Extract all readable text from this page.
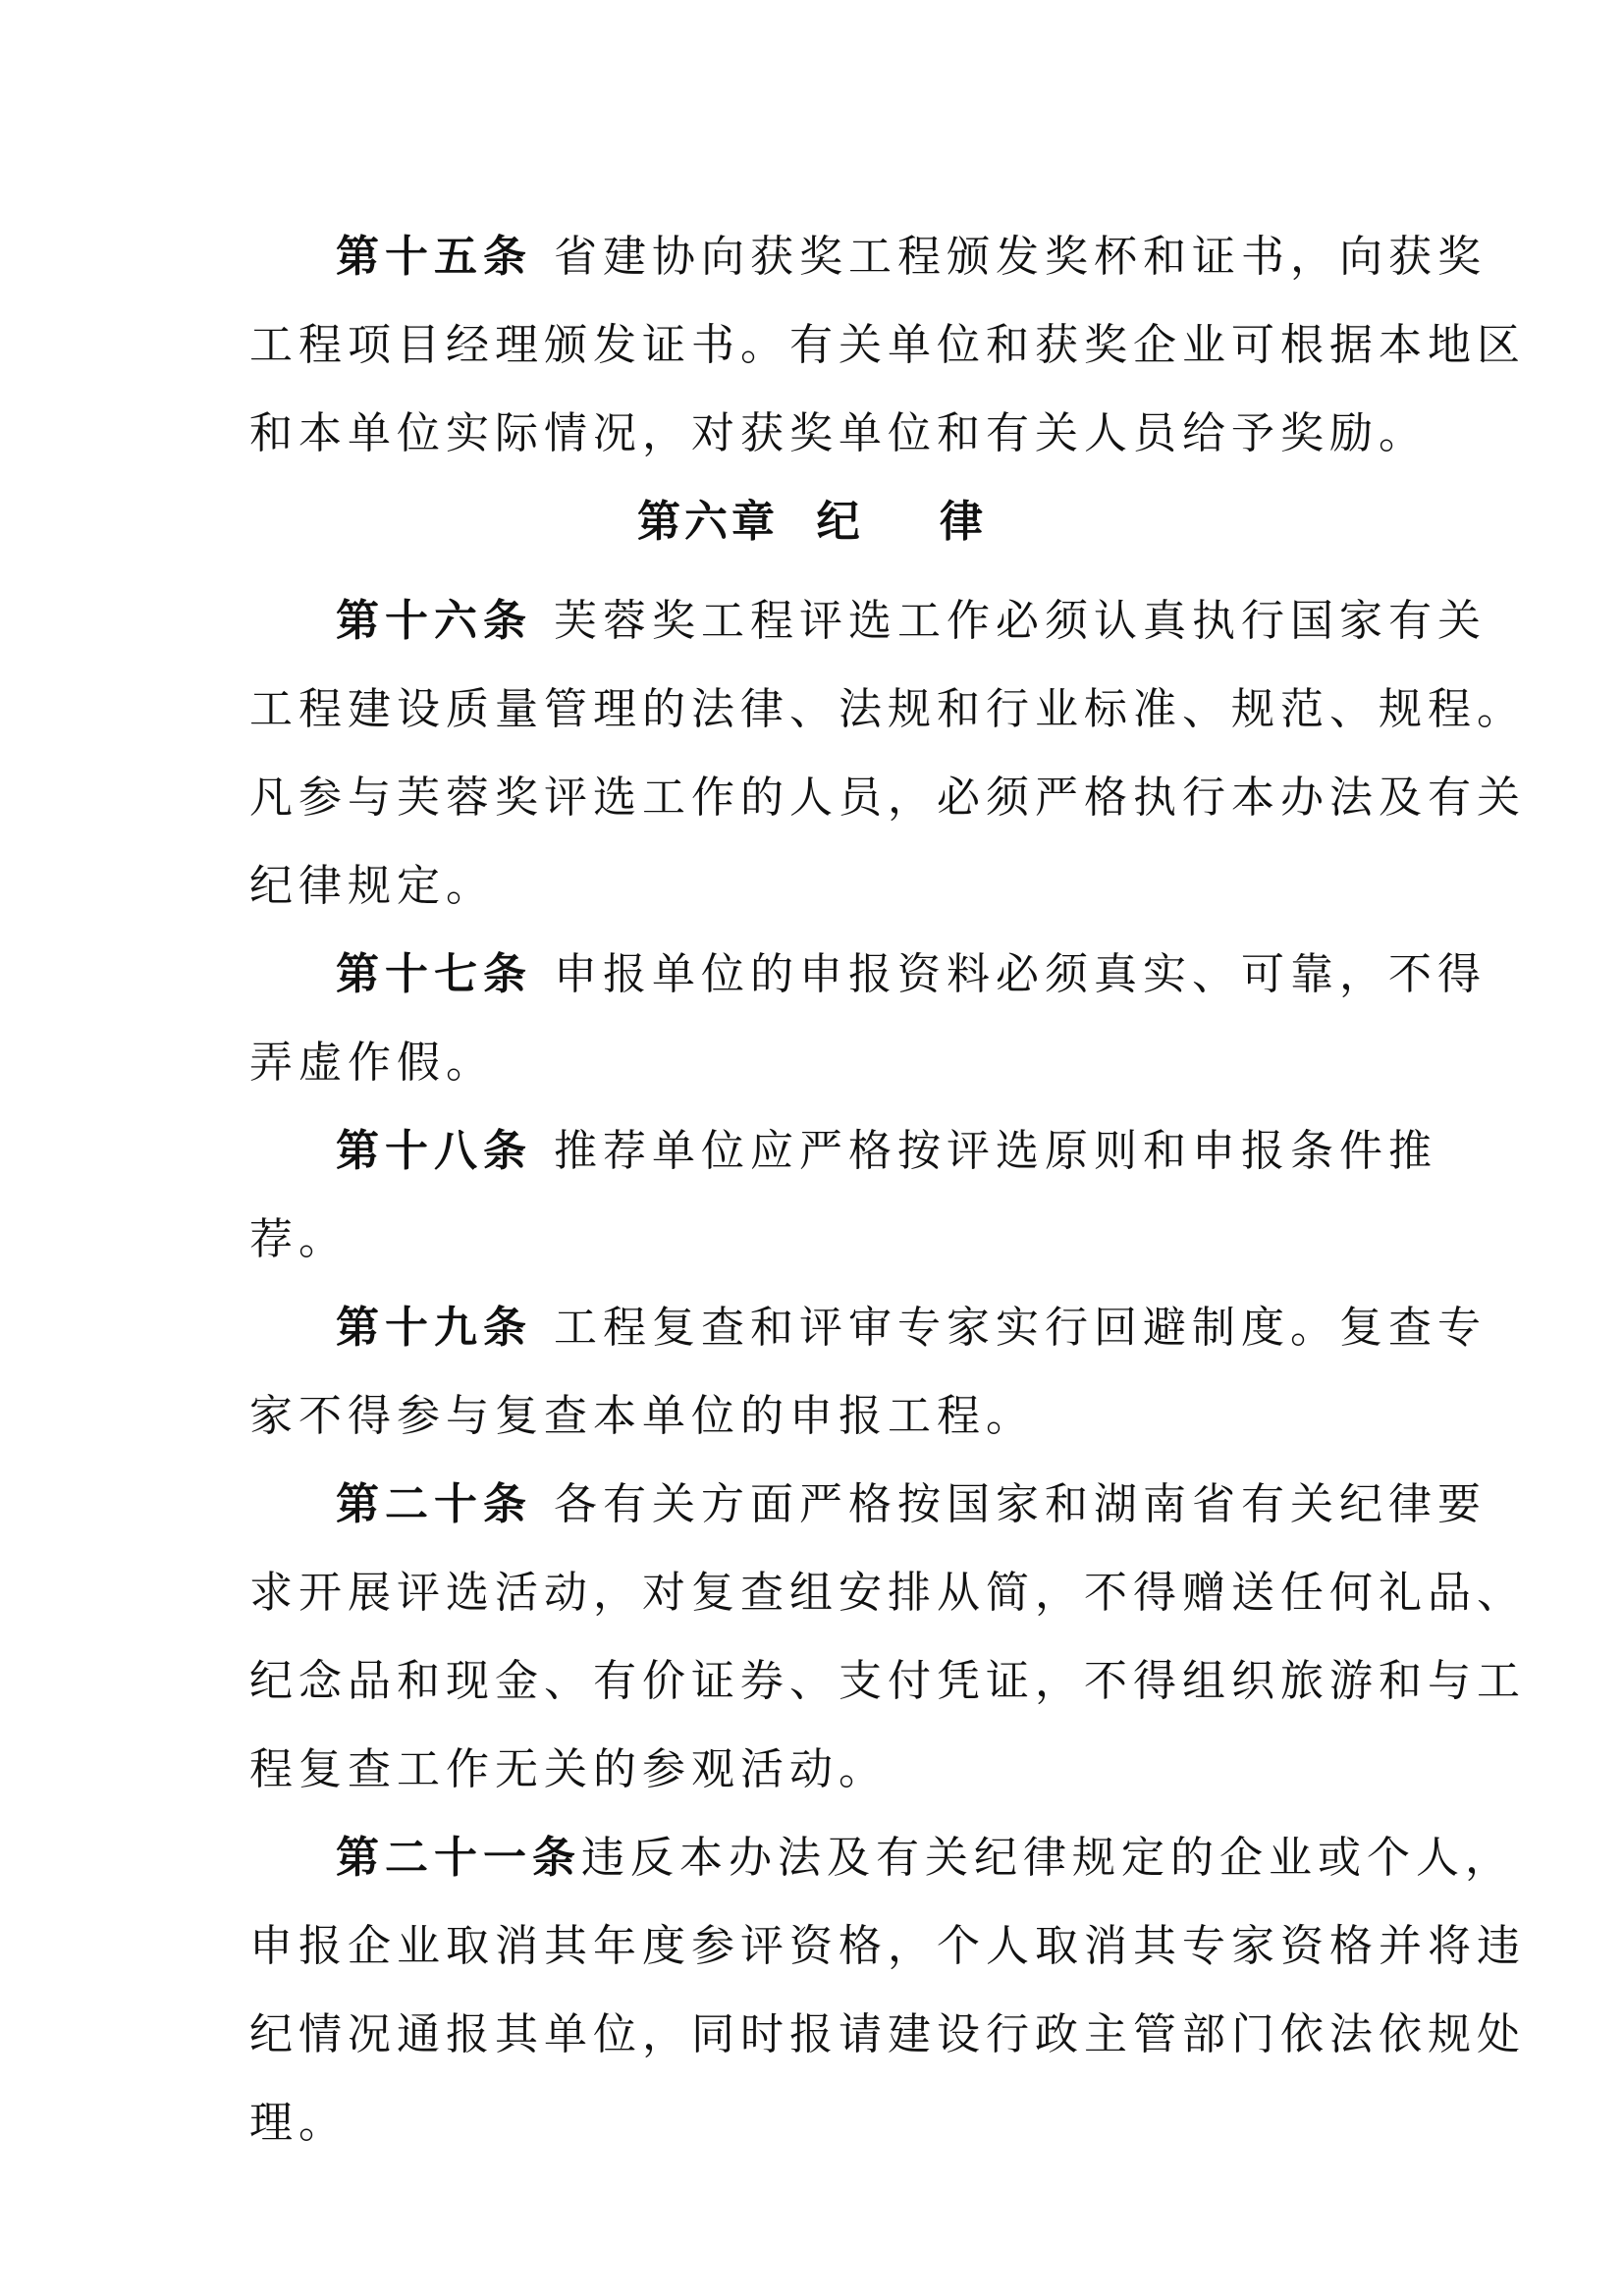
第十五条 省建协向获奖工程颁发奖杯和证书，向获奖
工程项目经理颁发证书。有关单位和获奖企业可根据本地区
和本单位实际情况，对获奖单位和有关人员给予奖励。
第六章  纪    律
第十六条 芙蓉奖工程评选工作必须认真执行国家有关
工程建设质量管理的法律、法规和行业标准、规范、规程。
凡参与芙蓉奖评选工作的人员，必须严格执行本办法及有关
纪律规定。
第十七条 申报单位的申报资料必须真实、可靠，不得
弄虚作假。
第十八条 推荐单位应严格按评选原则和申报条件推
荐。
第十九条 工程复查和评审专家实行回避制度。复查专
家不得参与复查本单位的申报工程。
第二十条 各有关方面严格按国家和湖南省有关纪律要
求开展评选活动，对复查组安排从简，不得赠送任何礼品、
纪念品和现金、有价证券、支付凭证，不得组织旅游和与工
程复查工作无关的参观活动。
第二十一条违反本办法及有关纪律规定的企业或个人，
申报企业取消其年度参评资格，个人取消其专家资格并将违
纪情况通报其单位，同时报请建设行政主管部门依法依规处
理。
